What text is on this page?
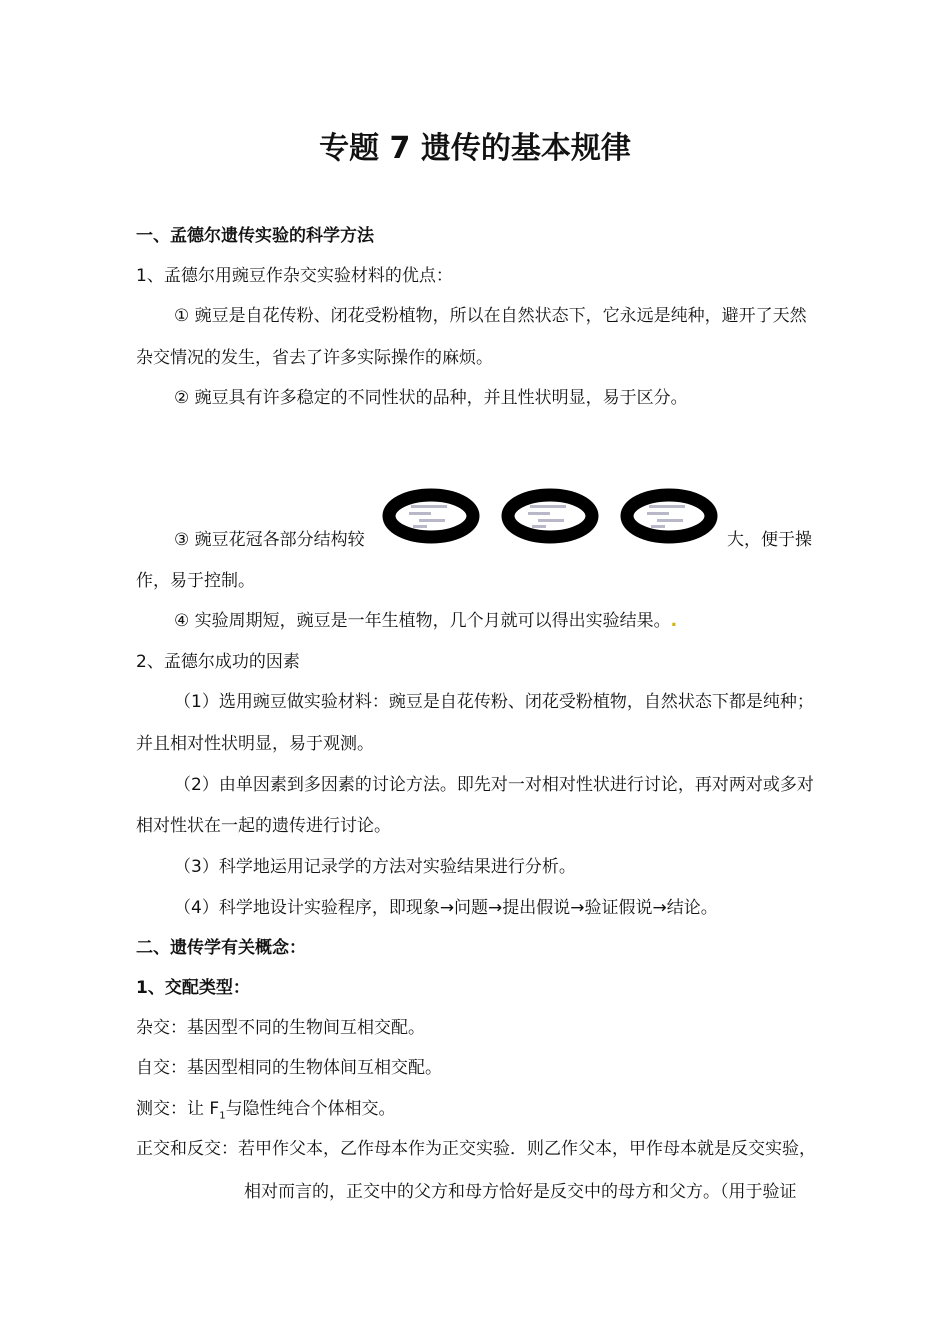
专题 7 遗传的基本规律
一、孟德尔遗传实验的科学方法
1、孟德尔用豌豆作杂交实验材料的优点：
① 豌豆是自花传粉、闭花受粉植物，所以在自然状态下，它永远是纯种，避开了天然
杂交情况的发生，省去了许多实际操作的麻烦。
② 豌豆具有许多稳定的不同性状的品种，并且性状明显，易于区分。
③ 豌豆花冠各部分结构较	大，便于操
作，易于控制。
④ 实验周期短，豌豆是一年生植物，几个月就可以得出实验结果。.
2、孟德尔成功的因素
（1）选用豌豆做实验材料：豌豆是自花传粉、闭花受粉植物，自然状态下都是纯种；
并且相对性状明显，易于观测。
（2）由单因素到多因素的讨论方法。即先对一对相对性状进行讨论，再对两对或多对
相对性状在一起的遗传进行讨论。
（3）科学地运用记录学的方法对实验结果进行分析。
（4）科学地设计实验程序，即现象→问题→提出假说→验证假说→结论。
二、遗传学有关概念：
1、交配类型：
杂交：基因型不同的生物间互相交配。
自交：基因型相同的生物体间互相交配。
测交：让 $F_1$与隐性纯合个体相交。
正交和反交：若甲作父本，乙作母本作为正交实验．则乙作父本，甲作母本就是反交实验，
相对而言的，正交中的父方和母方恰好是反交中的母方和父方。（用于验证
